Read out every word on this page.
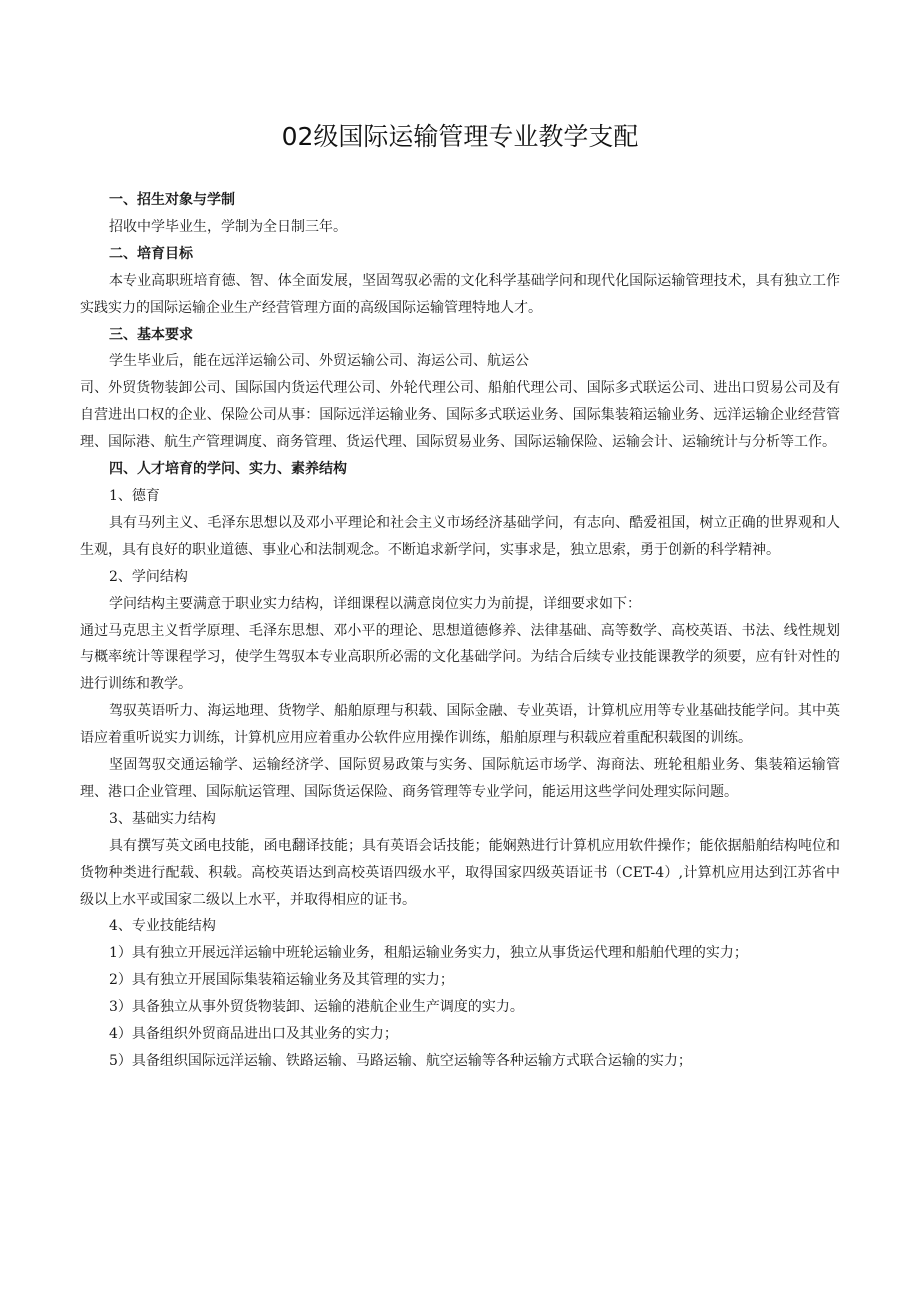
02级国际运输管理专业教学支配
一、招生对象与学制
招收中学毕业生，学制为全日制三年。
二、培育目标
本专业高职班培育德、智、体全面发展，坚固驾驭必需的文化科学基础学问和现代化国际运输管理技术，具有独立工作实践实力的国际运输企业生产经营管理方面的高级国际运输管理特地人才。
三、基本要求
学生毕业后，能在远洋运输公司、外贸运输公司、海运公司、航运公
司、外贸货物装卸公司、国际国内货运代理公司、外轮代理公司、船舶代理公司、国际多式联运公司、进出口贸易公司及有自营进出口权的企业、保险公司从事：国际远洋运输业务、国际多式联运业务、国际集装箱运输业务、远洋运输企业经营管理、国际港、航生产管理调度、商务管理、货运代理、国际贸易业务、国际运输保险、运输会计、运输统计与分析等工作。
四、人才培育的学问、实力、素养结构
1、德育
具有马列主义、毛泽东思想以及邓小平理论和社会主义市场经济基础学问，有志向、酷爱祖国，树立正确的世界观和人生观，具有良好的职业道德、事业心和法制观念。不断追求新学问，实事求是，独立思索，勇于创新的科学精神。
2、学问结构
学问结构主要满意于职业实力结构，详细课程以满意岗位实力为前提，详细要求如下：
通过马克思主义哲学原理、毛泽东思想、邓小平的理论、思想道德修养、法律基础、高等数学、高校英语、书法、线性规划与概率统计等课程学习，使学生驾驭本专业高职所必需的文化基础学问。为结合后续专业技能课教学的须要，应有针对性的进行训练和教学。
驾驭英语听力、海运地理、货物学、船舶原理与积载、国际金融、专业英语，计算机应用等专业基础技能学问。其中英语应着重听说实力训练，计算机应用应着重办公软件应用操作训练，船舶原理与积载应着重配积载图的训练。
坚固驾驭交通运输学、运输经济学、国际贸易政策与实务、国际航运市场学、海商法、班轮租船业务、集装箱运输管理、港口企业管理、国际航运管理、国际货运保险、商务管理等专业学问，能运用这些学问处理实际问题。
3、基础实力结构
具有撰写英文函电技能，函电翻译技能；具有英语会话技能；能娴熟进行计算机应用软件操作；能依据船舶结构吨位和货物种类进行配载、积载。高校英语达到高校英语四级水平，取得国家四级英语证书（CET-4）,计算机应用达到江苏省中级以上水平或国家二级以上水平，并取得相应的证书。
4、专业技能结构
1）具有独立开展远洋运输中班轮运输业务，租船运输业务实力，独立从事货运代理和船舶代理的实力；
2）具有独立开展国际集装箱运输业务及其管理的实力；
3）具备独立从事外贸货物装卸、运输的港航企业生产调度的实力。
4）具备组织外贸商品进出口及其业务的实力；
5）具备组织国际远洋运输、铁路运输、马路运输、航空运输等各种运输方式联合运输的实力；
